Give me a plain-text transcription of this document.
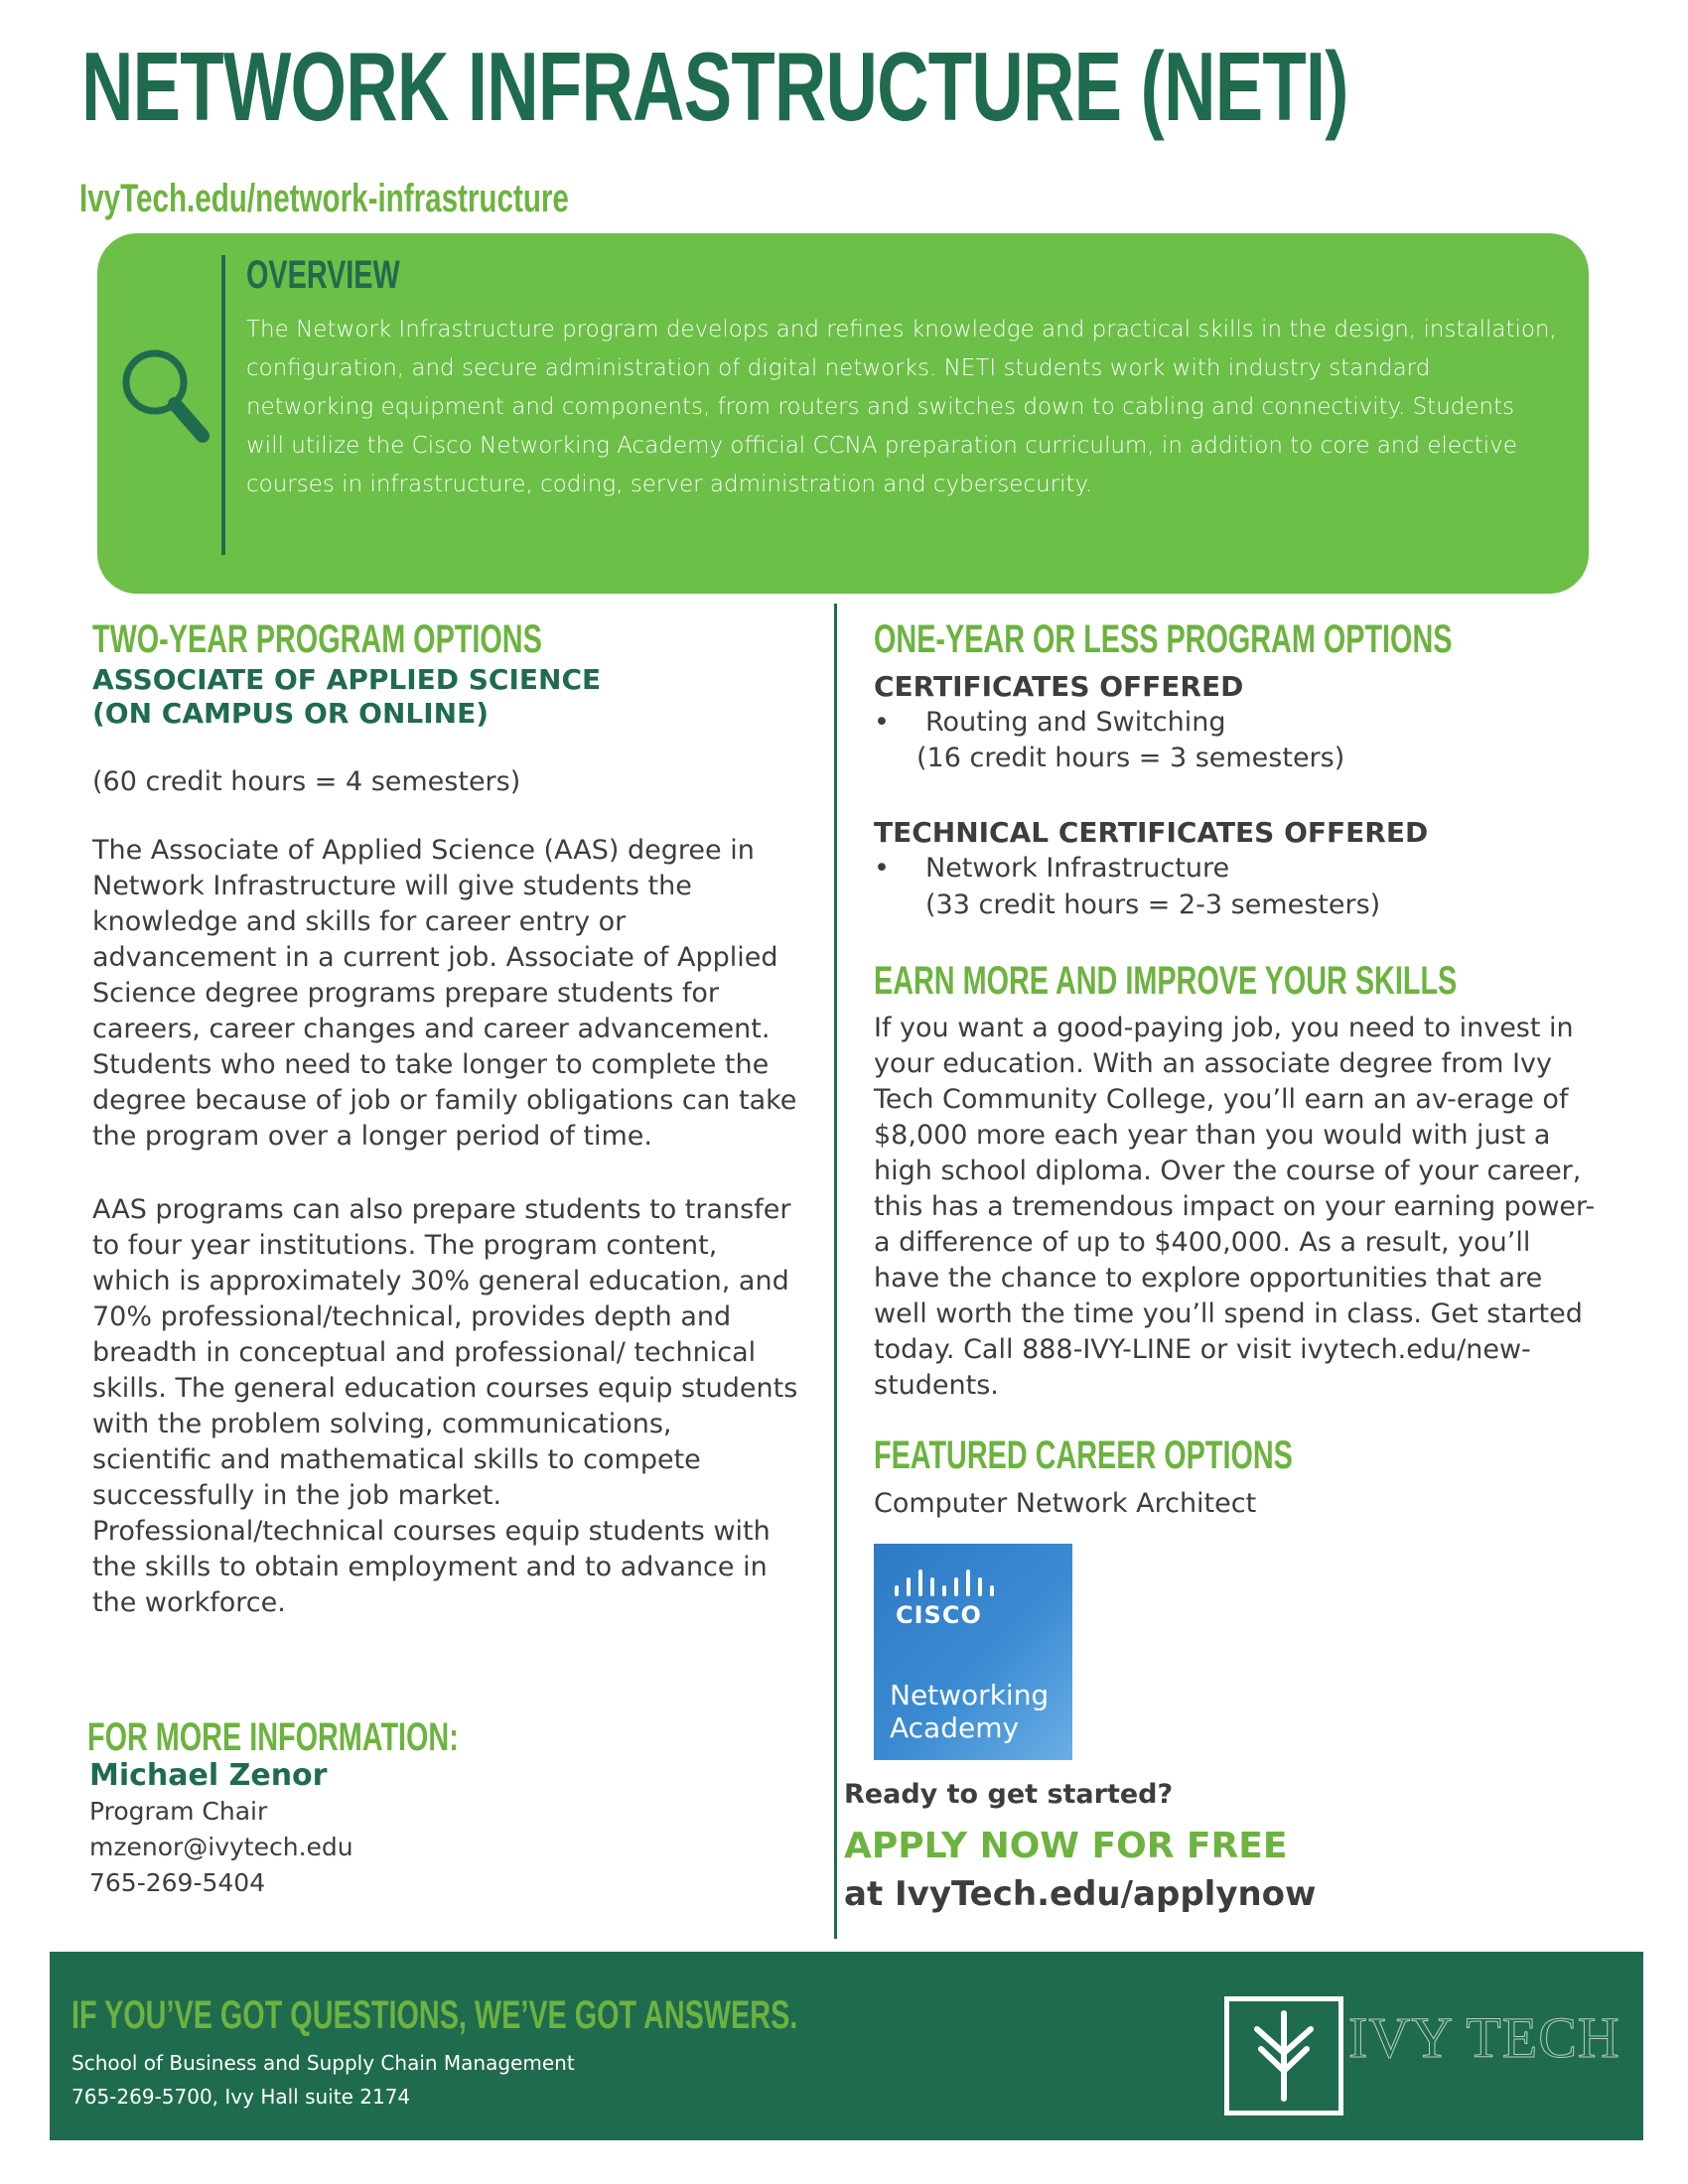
NETWORK INFRASTRUCTURE (NETI)
IvyTech.edu/network-infrastructure
OVERVIEW
The Network Infrastructure program develops and refines knowledge and practical skills in the design, installation, configuration, and secure administration of digital networks. NETI students work with industry standard networking equipment and components, from routers and switches down to cabling and connectivity. Students will utilize the Cisco Networking Academy official CCNA preparation curriculum, in addition to core and elective courses in infrastructure, coding, server administration and cybersecurity.
TWO-YEAR PROGRAM OPTIONS
ASSOCIATE OF APPLIED SCIENCE
(ON CAMPUS OR ONLINE)
(60 credit hours = 4 semesters)
The Associate of Applied Science (AAS) degree in Network Infrastructure will give students the knowledge and skills for career entry or advancement in a current job. Associate of Applied Science degree programs prepare students for careers, career changes and career advancement. Students who need to take longer to complete the degree because of job or family obligations can take the program over a longer period of time.
AAS programs can also prepare students to transfer to four year institutions. The program content, which is approximately 30% general education, and 70% professional/technical, provides depth and breadth in conceptual and professional/ technical skills. The general education courses equip students with the problem solving, communications, scientific and mathematical skills to compete successfully in the job market. Professional/technical courses equip students with the skills to obtain employment and to advance in the workforce.
FOR MORE INFORMATION:
Michael Zenor
Program Chair
mzenor@ivytech.edu
765-269-5404
ONE-YEAR OR LESS PROGRAM OPTIONS
CERTIFICATES OFFERED
• Routing and Switching
(16 credit hours = 3 semesters)
TECHNICAL CERTIFICATES OFFERED
• Network Infrastructure
(33 credit hours = 2-3 semesters)
EARN MORE AND IMPROVE YOUR SKILLS
If you want a good-paying job, you need to invest in your education. With an associate degree from Ivy Tech Community College, you’ll earn an av-erage of $8,000 more each year than you would with just a high school diploma. Over the course of your career, this has a tremendous impact on your earning power-a difference of up to $400,000. As a result, you’ll have the chance to explore opportunities that are well worth the time you’ll spend in class. Get started today. Call 888-IVY-LINE or visit ivytech.edu/new-students.
FEATURED CAREER OPTIONS
Computer Network Architect
CISCO
Networking
Academy
Ready to get started?
APPLY NOW FOR FREE
at IvyTech.edu/applynow
IF YOU’VE GOT QUESTIONS, WE’VE GOT ANSWERS.
School of Business and Supply Chain Management
765-269-5700, Ivy Hall suite 2174
IVY TECH
COMMUNITY COLLEGE
